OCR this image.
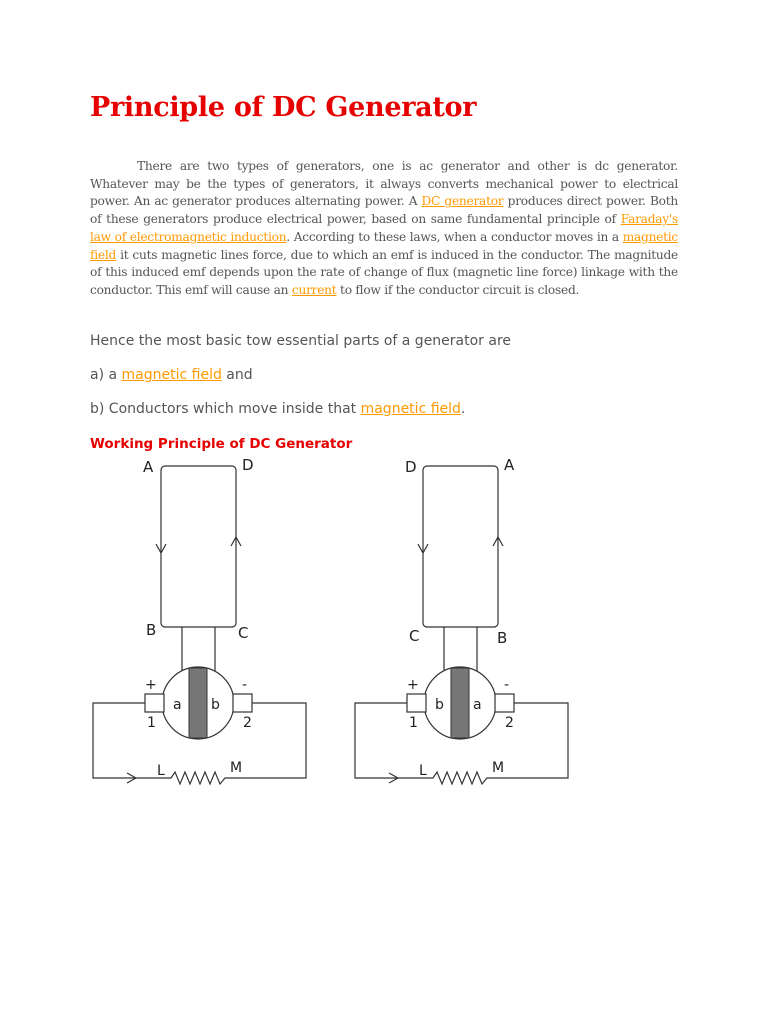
Principle of DC Generator

There are two types of generators, one is ac generator and other is dc generator. Whatever may be the types of generators, it always converts mechanical power to electrical power. An ac generator produces alternating power. A DC generator produces direct power. Both of these generators produce electrical power, based on same fundamental principle of Faraday's law of electromagnetic induction. According to these laws, when a conductor moves in a magnetic field it cuts magnetic lines force, due to which an emf is induced in the conductor. The magnitude of this induced emf depends upon the rate of change of flux (magnetic line force) linkage with the conductor. This emf will cause an current to flow if the conductor circuit is closed.

Hence the most basic tow essential parts of a generator are

a) a magnetic field and

b) Conductors which move inside that magnetic field.

Working Principle of DC Generator
A	D
B	C
+	-
a b
1	2
L	M
D	A
C	B
+	-
b a
1	2
L	M
